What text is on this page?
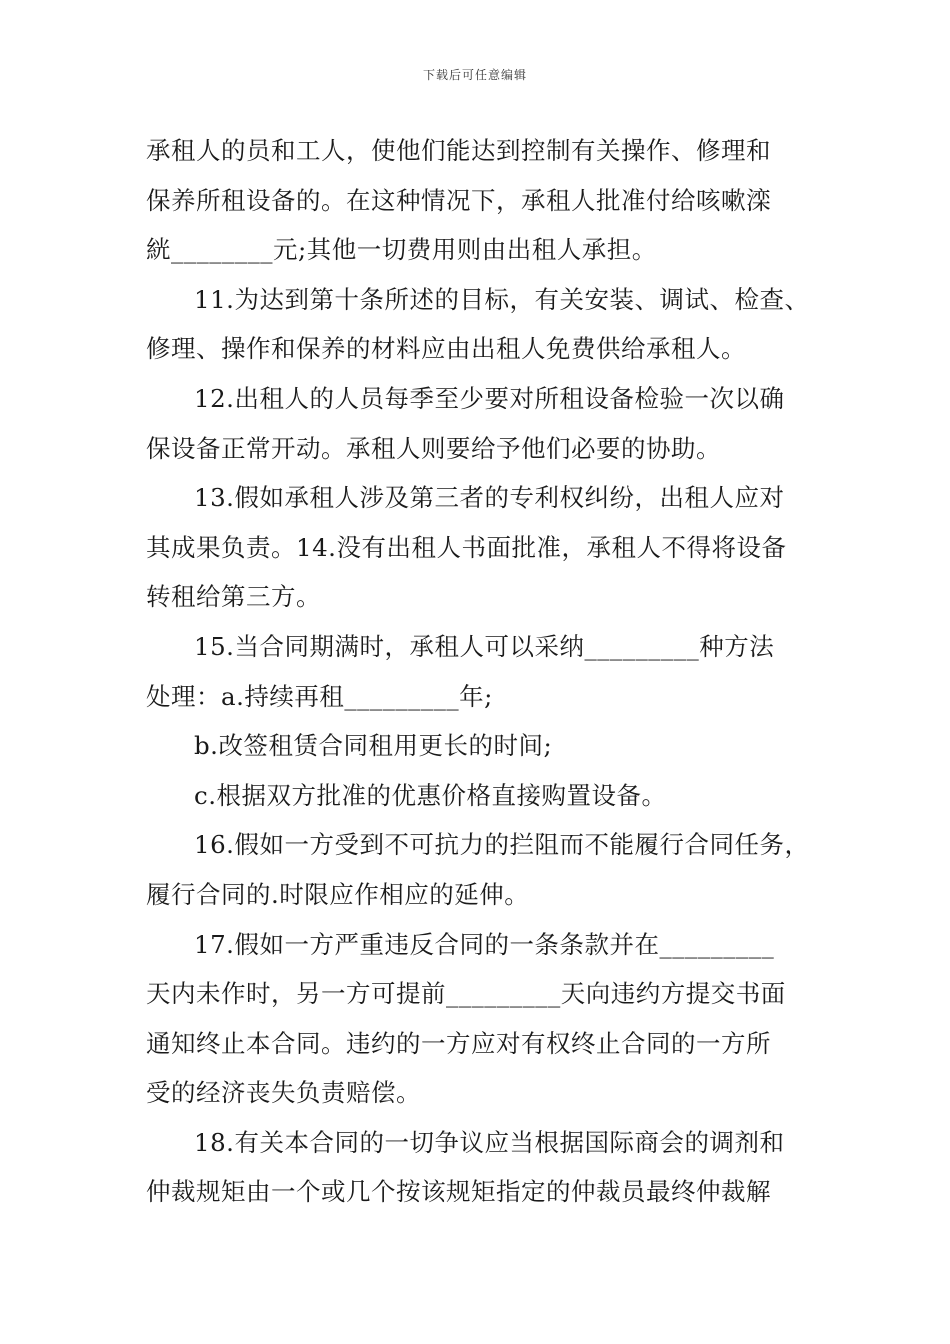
下载后可任意编辑
承租人的员和工人，使他们能达到控制有关操作、修理和
保养所租设备的。在这种情况下，承租人批准付给咳嗽滦
絖________元;其他一切费用则由出租人承担。
11.为达到第十条所述的目标，有关安装、调试、检查、
修理、操作和保养的材料应由出租人免费供给承租人。
12.出租人的人员每季至少要对所租设备检验一次以确
保设备正常开动。承租人则要给予他们必要的协助。
13.假如承租人涉及第三者的专利权纠纷，出租人应对
其成果负责。14.没有出租人书面批准，承租人不得将设备
转租给第三方。
15.当合同期满时，承租人可以采纳_________种方法
处理：a.持续再租_________年;
b.改签租赁合同租用更长的时间;
c.根据双方批准的优惠价格直接购置设备。
16.假如一方受到不可抗力的拦阻而不能履行合同任务，
履行合同的.时限应作相应的延伸。
17.假如一方严重违反合同的一条条款并在_________
天内未作时，另一方可提前_________天向违约方提交书面
通知终止本合同。违约的一方应对有权终止合同的一方所
受的经济丧失负责赔偿。
18.有关本合同的一切争议应当根据国际商会的调剂和
仲裁规矩由一个或几个按该规矩指定的仲裁员最终仲裁解
